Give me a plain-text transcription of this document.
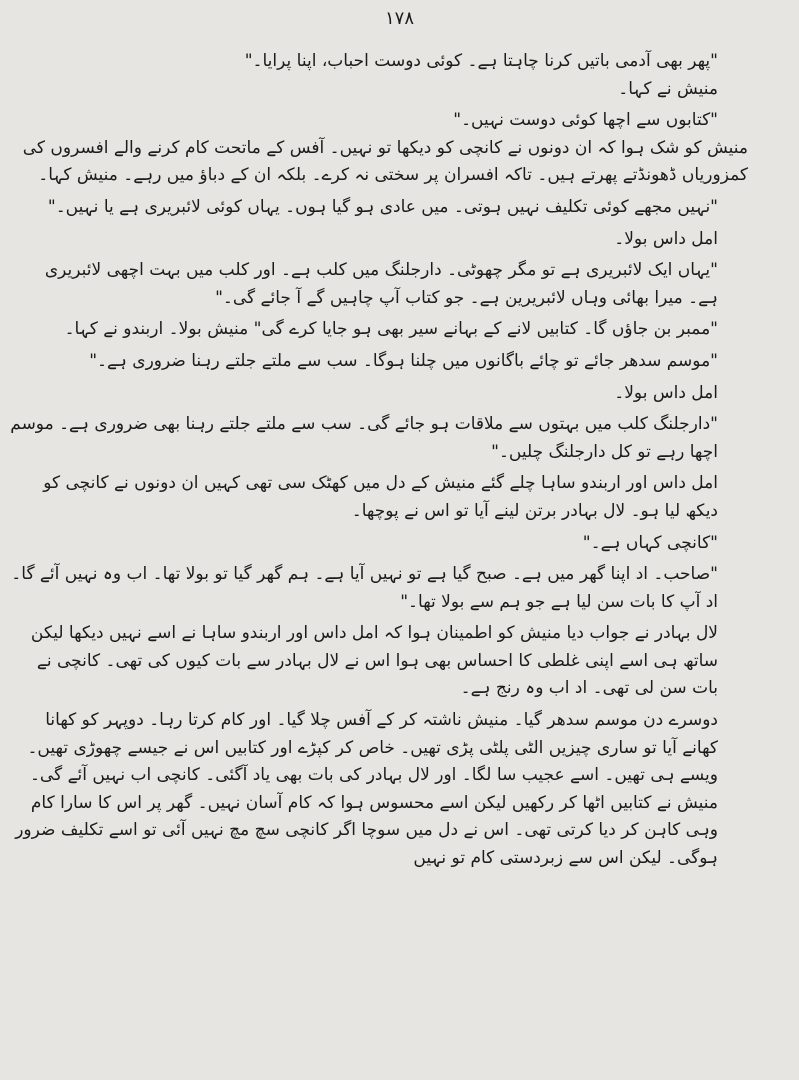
١٧٨

"پھر بھی آدمی باتیں کرنا چاہتا ہے۔ کوئی دوست احباب، اپنا پرایا۔"

منیش نے کہا۔

"کتابوں سے اچھا کوئی دوست نہیں۔"

منیش کو شک ہوا کہ ان دونوں نے کانچی کو دیکھا تو نہیں۔ آفس کے ماتحت کام کرنے والے افسروں کی کمزوریاں ڈھونڈتے پھرتے ہیں۔ تاکہ افسران پر سختی نہ کرے۔ بلکہ ان کے دباؤ میں رہے۔ منیش کہا۔

"نہیں مجھے کوئی تکلیف نہیں ہوتی۔ میں عادی ہو گیا ہوں۔ یہاں کوئی لائبریری ہے یا نہیں۔"

امل داس بولا۔

"یہاں ایک لائبریری ہے تو مگر چھوٹی۔ دارجلنگ میں کلب ہے۔ اور کلب میں بہت اچھی لائبریری ہے۔ میرا بھائی وہاں لائبریرین ہے۔ جو کتاب آپ چاہیں گے آ جائے گی۔"

"ممبر بن جاؤں گا۔ کتابیں لانے کے بہانے سیر بھی ہو جایا کرے گی" منیش بولا۔ اربندو نے کہا۔

"موسم سدھر جائے تو چائے باگانوں میں چلنا ہوگا۔ سب سے ملتے جلتے رہنا ضروری ہے۔"

امل داس بولا۔

"دارجلنگ کلب میں بہتوں سے ملاقات ہو جائے گی۔ سب سے ملتے جلتے رہنا بھی ضروری ہے۔ موسم اچھا رہے تو کل دارجلنگ چلیں۔"

امل داس اور اربندو ساہا چلے گئے منیش کے دل میں کھٹک سی تھی کہیں ان دونوں نے کانچی کو دیکھ لیا ہو۔ لال بہادر برتن لینے آیا تو اس نے پوچھا۔

"کانچی کہاں ہے۔"

"صاحب۔ اد اپنا گھر میں ہے۔ صبح گیا ہے تو نہیں آیا ہے۔ ہم گھر گیا تو بولا تھا۔ اب وہ نہیں آئے گا۔ اد آپ کا بات سن لیا ہے جو ہم سے بولا تھا۔"

لال بہادر نے جواب دیا منیش کو اطمینان ہوا کہ امل داس اور اربندو ساہا نے اسے نہیں دیکھا لیکن ساتھ ہی اسے اپنی غلطی کا احساس بھی ہوا اس نے لال بہادر سے بات کیوں کی تھی۔ کانچی نے بات سن لی تھی۔ اد اب وہ رنج ہے۔

دوسرے دن موسم سدھر گیا۔ منیش ناشتہ کر کے آفس چلا گیا۔ اور کام کرتا رہا۔ دوپہر کو کھانا کھانے آیا تو ساری چیزیں الٹی پلٹی پڑی تھیں۔ خاص کر کپڑے اور کتابیں اس نے جیسے چھوڑی تھیں۔ ویسے ہی تھیں۔ اسے عجیب سا لگا۔ اور لال بہادر کی بات بھی یاد آگئی۔ کانچی اب نہیں آئے گی۔ منیش نے کتابیں اٹھا کر رکھیں لیکن اسے محسوس ہوا کہ کام آسان نہیں۔ گھر پر اس کا سارا کام وہی کاہن کر دیا کرتی تھی۔ اس نے دل میں سوچا اگر کانچی سچ مچ نہیں آئی تو اسے تکلیف ضرور ہوگی۔ لیکن اس سے زبردستی کام تو نہیں
